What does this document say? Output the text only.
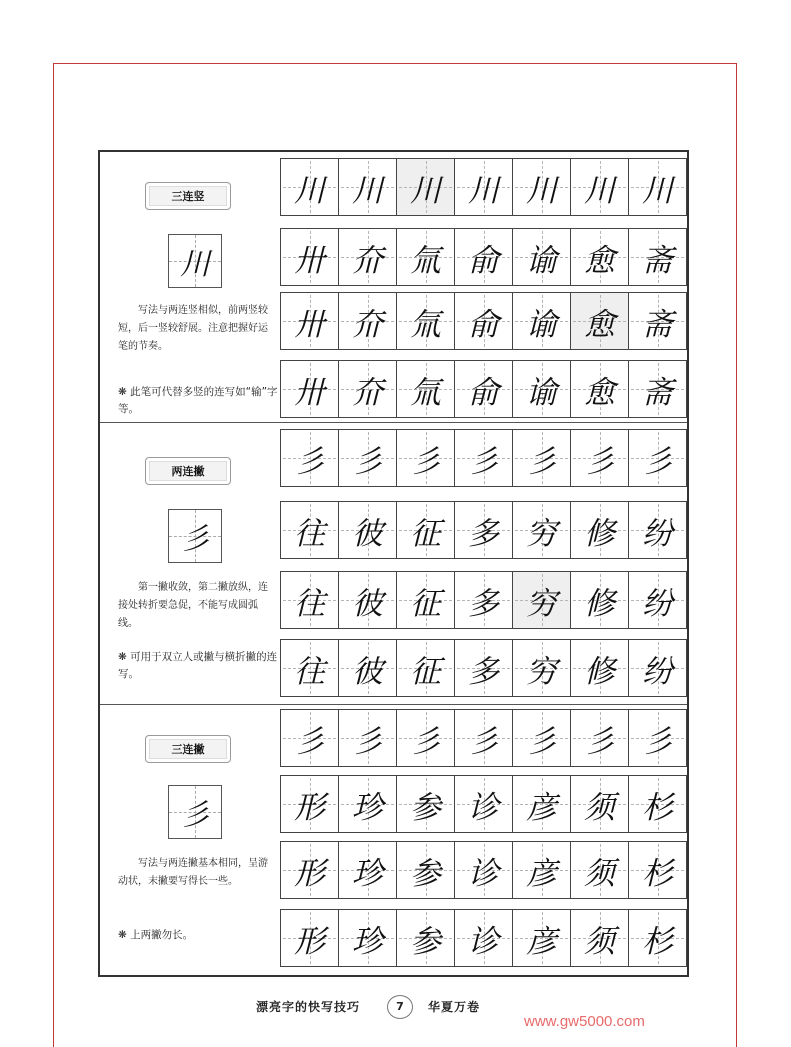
三连竖
川
写法与两连竖相似，前两竖较短，后一竖较舒展。注意把握好运笔的节奏。
❋ 此笔可代替多竖的连写如“输”字等。
川 川 川 川 川 川 川
卅 夼 氚 俞 谕 愈 斋
卅 夼 氚 俞 谕 愈 斋
卅 夼 氚 俞 谕 愈 斋
两连撇
彡
第一撇收敛，第二撇放纵，连接处转折要急促，不能写成圆弧线。
❋ 可用于双立人或撇与横折撇的连写。
彡 彡 彡 彡 彡 彡 彡
往 彼 征 多 穷 修 纷
往 彼 征 多 穷 修 纷
往 彼 征 多 穷 修 纷
三连撇
彡
写法与两连撇基本相同，呈游动状，末撇要写得长一些。
❋ 上两撇勿长。
彡 彡 彡 彡 彡 彡 彡
形 珍 参 诊 彦 须 杉
形 珍 参 诊 彦 须 杉
形 珍 参 诊 彦 须 杉
漂亮字的快写技巧	7	华夏万卷
www.gw5000.com
